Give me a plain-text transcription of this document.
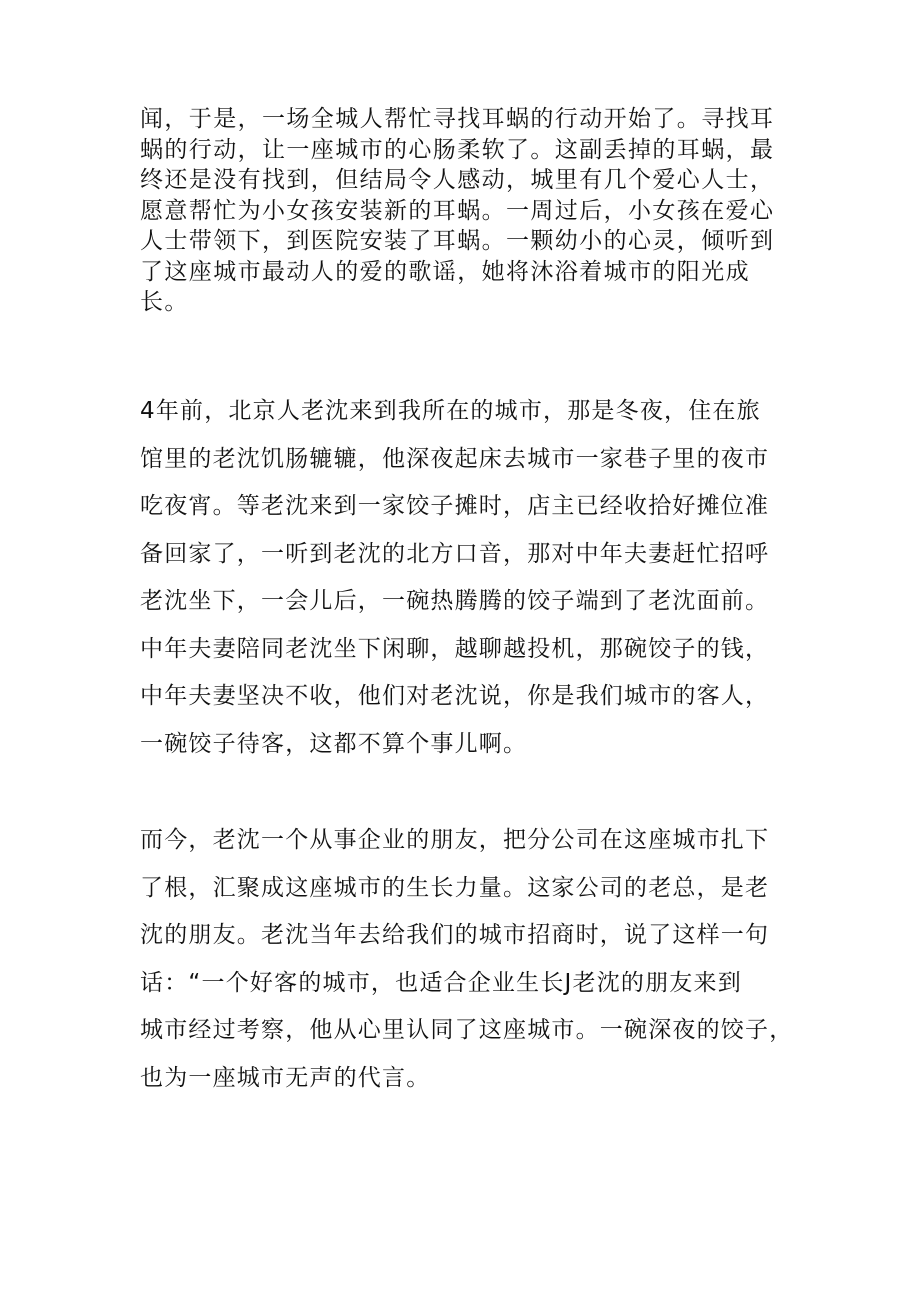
闻，于是，一场全城人帮忙寻找耳蜗的行动开始了。寻找耳
蜗的行动，让一座城市的心肠柔软了。这副丢掉的耳蜗，最
终还是没有找到，但结局令人感动，城里有几个爱心人士，
愿意帮忙为小女孩安装新的耳蜗。一周过后，小女孩在爱心
人士带领下，到医院安装了耳蜗。一颗幼小的心灵，倾听到
了这座城市最动人的爱的歌谣，她将沐浴着城市的阳光成
长。
4年前，北京人老沈来到我所在的城市，那是冬夜，住在旅
馆里的老沈饥肠辘辘，他深夜起床去城市一家巷子里的夜市
吃夜宵。等老沈来到一家饺子摊时，店主已经收拾好摊位准
备回家了，一听到老沈的北方口音，那对中年夫妻赶忙招呼
老沈坐下，一会儿后，一碗热腾腾的饺子端到了老沈面前。
中年夫妻陪同老沈坐下闲聊，越聊越投机，那碗饺子的钱，
中年夫妻坚决不收，他们对老沈说，你是我们城市的客人，
一碗饺子待客，这都不算个事儿啊。
而今，老沈一个从事企业的朋友，把分公司在这座城市扎下
了根，汇聚成这座城市的生长力量。这家公司的老总，是老
沈的朋友。老沈当年去给我们的城市招商时，说了这样一句
话：“一个好客的城市，也适合企业生长J老沈的朋友来到
城市经过考察，他从心里认同了这座城市。一碗深夜的饺子，
也为一座城市无声的代言。
